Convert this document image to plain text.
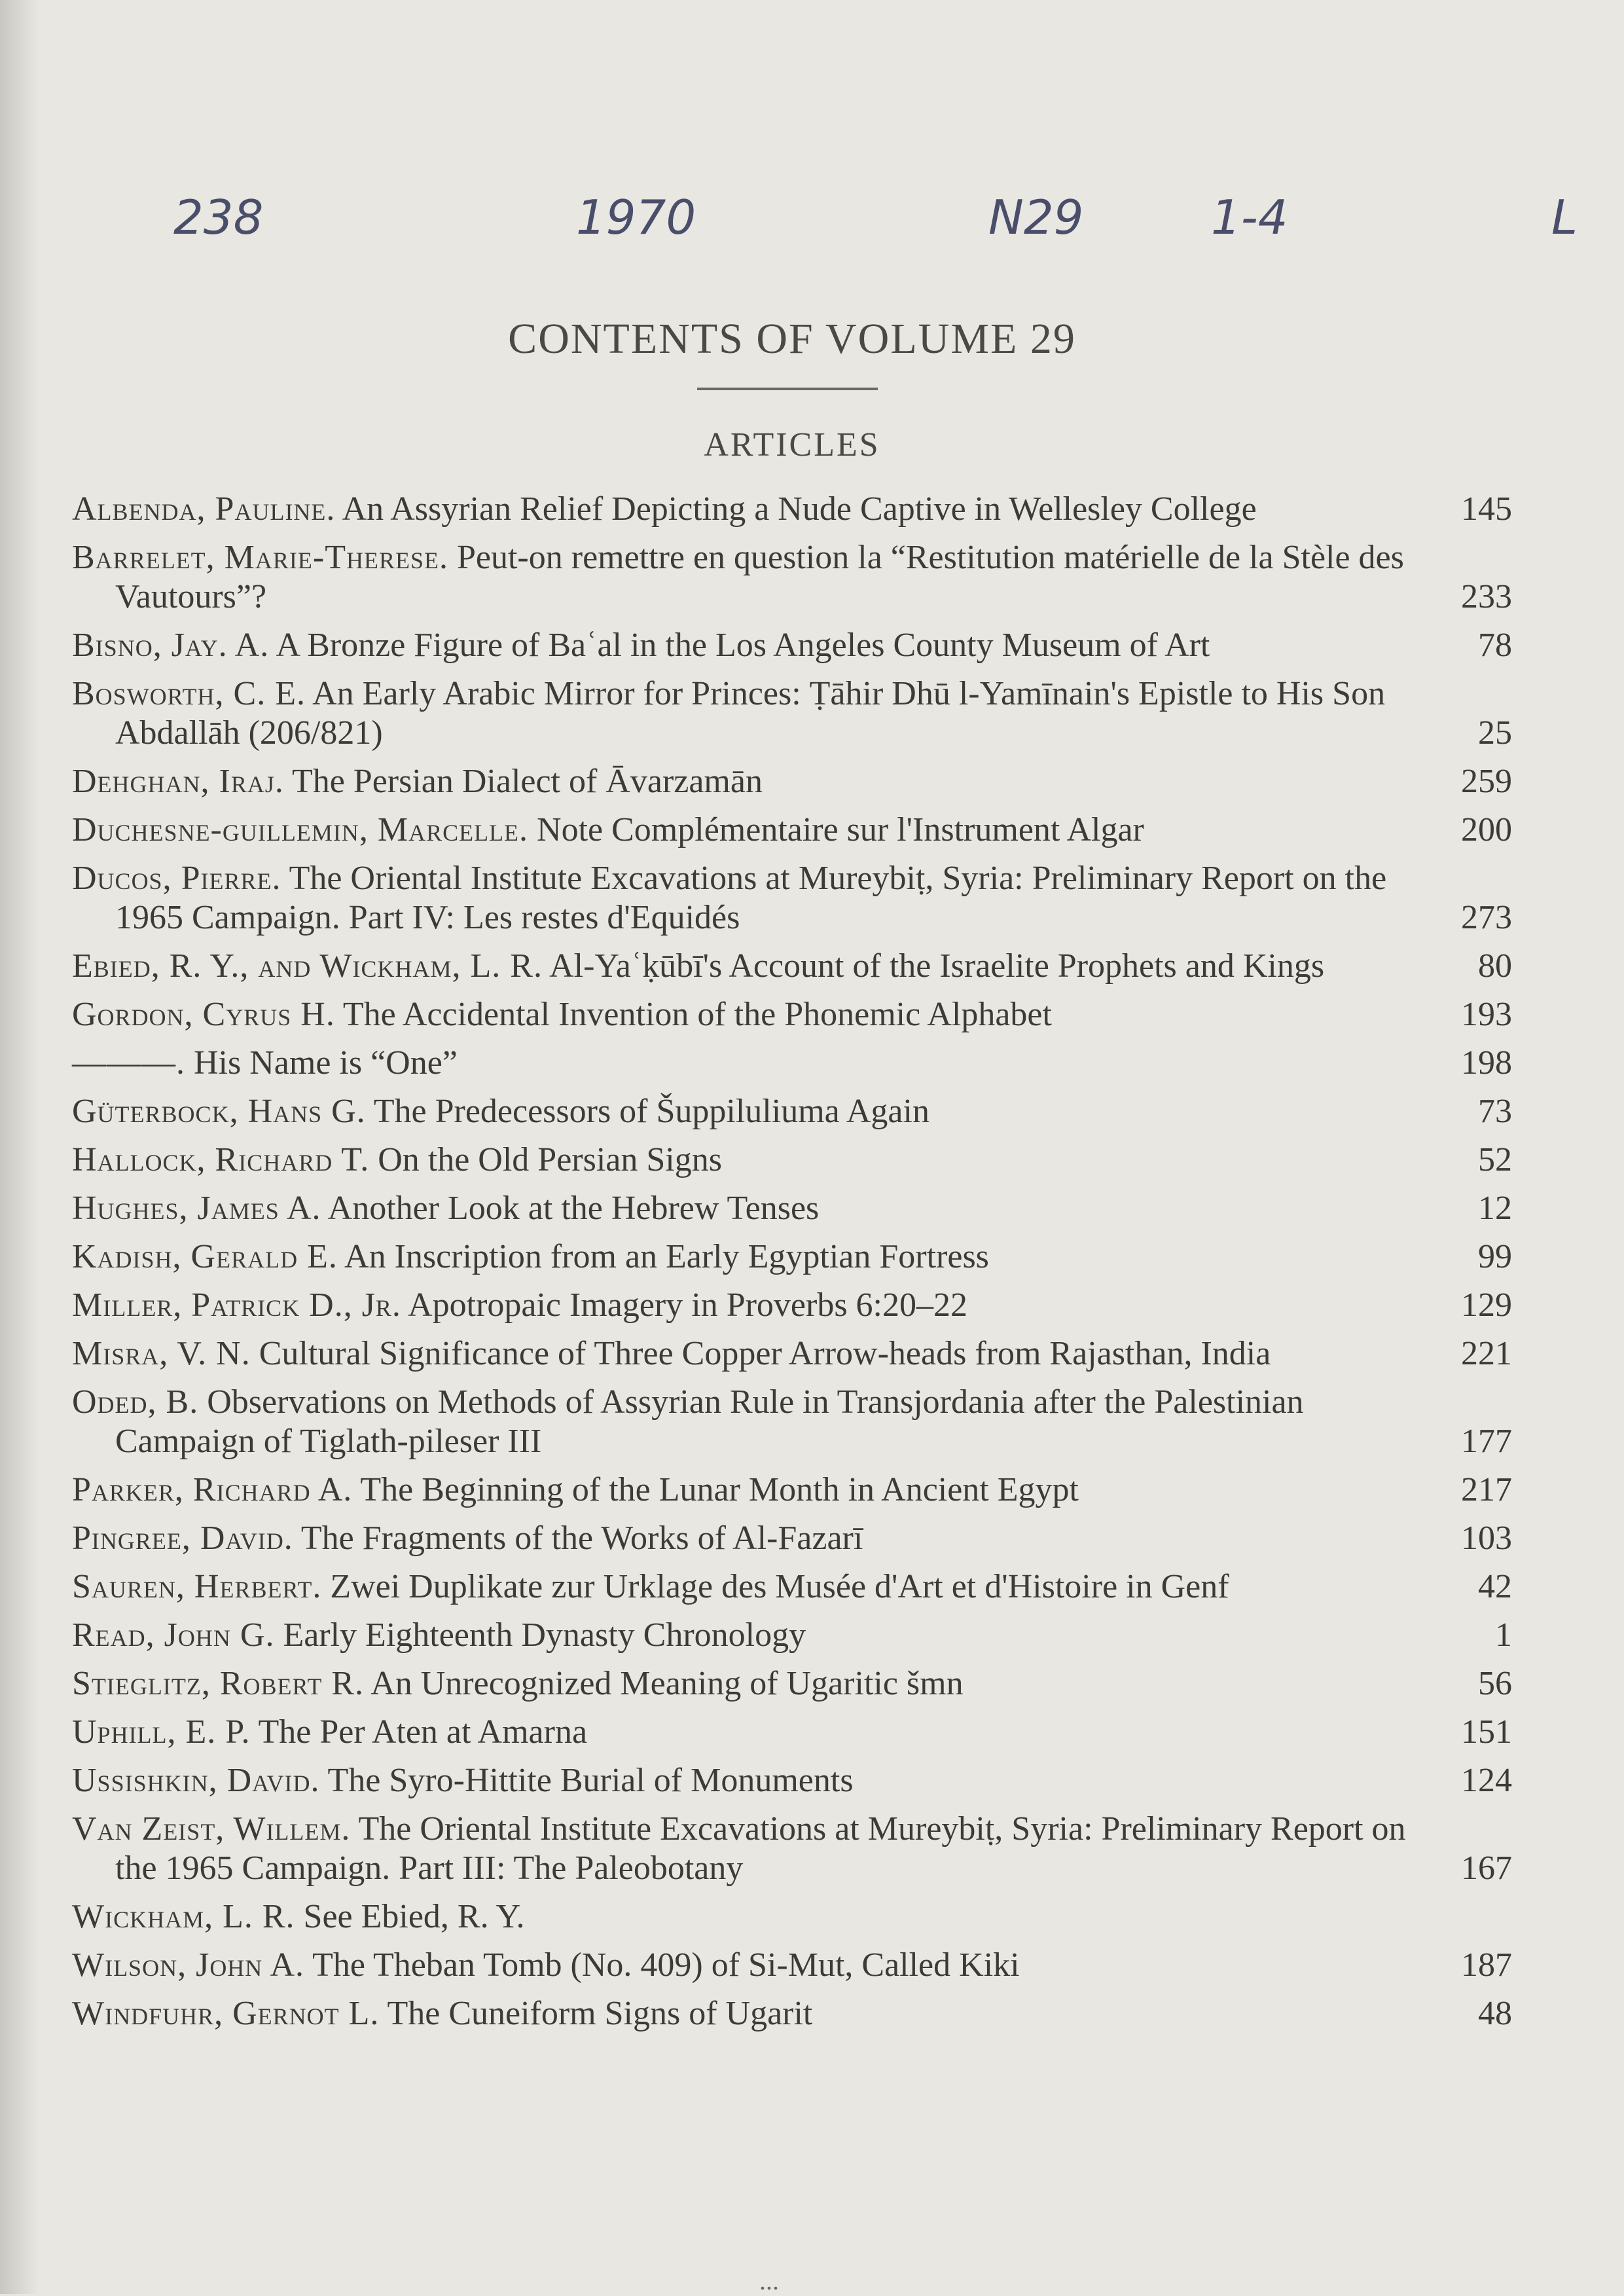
238	1970	N29	1-4	L
CONTENTS OF VOLUME 29
ARTICLES
Albenda, Pauline. An Assyrian Relief Depicting a Nude Captive in Wellesley College	145
Barrelet, Marie-Therese. Peut-on remettre en question la “Restitution matérielle de la Stèle des Vautours”?	233
Bisno, Jay. A. A Bronze Figure of Baʿal in the Los Angeles County Museum of Art	78
Bosworth, C. E. An Early Arabic Mirror for Princes: Ṭāhir Dhū l-Yamīnain's Epistle to His Son Abdallāh (206/821)	25
Dehghan, Iraj. The Persian Dialect of Āvarzamān	259
Duchesne-guillemin, Marcelle. Note Complémentaire sur l'Instrument Algar	200
Ducos, Pierre. The Oriental Institute Excavations at Mureybiṭ, Syria: Preliminary Report on the 1965 Campaign. Part IV: Les restes d'Equidés	273
Ebied, R. Y., and Wickham, L. R. Al-Yaʿḳūbī's Account of the Israelite Prophets and Kings	80
Gordon, Cyrus H. The Accidental Invention of the Phonemic Alphabet	193
———. His Name is “One”	198
Güterbock, Hans G. The Predecessors of Šuppiluliuma Again	73
Hallock, Richard T. On the Old Persian Signs	52
Hughes, James A. Another Look at the Hebrew Tenses	12
Kadish, Gerald E. An Inscription from an Early Egyptian Fortress	99
Miller, Patrick D., Jr. Apotropaic Imagery in Proverbs 6:20–22	129
Misra, V. N. Cultural Significance of Three Copper Arrow-heads from Rajasthan, India	221
Oded, B. Observations on Methods of Assyrian Rule in Transjordania after the Palestinian Campaign of Tiglath-pileser III	177
Parker, Richard A. The Beginning of the Lunar Month in Ancient Egypt	217
Pingree, David. The Fragments of the Works of Al-Fazarī	103
Sauren, Herbert. Zwei Duplikate zur Urklage des Musée d'Art et d'Histoire in Genf	42
Read, John G. Early Eighteenth Dynasty Chronology	1
Stieglitz, Robert R. An Unrecognized Meaning of Ugaritic šmn	56
Uphill, E. P. The Per Aten at Amarna	151
Ussishkin, David. The Syro-Hittite Burial of Monuments	124
Van Zeist, Willem. The Oriental Institute Excavations at Mureybiṭ, Syria: Preliminary Report on the 1965 Campaign. Part III: The Paleobotany	167
Wickham, L. R. See Ebied, R. Y.
Wilson, John A. The Theban Tomb (No. 409) of Si-Mut, Called Kiki	187
Windfuhr, Gernot L. The Cuneiform Signs of Ugarit	48
...
